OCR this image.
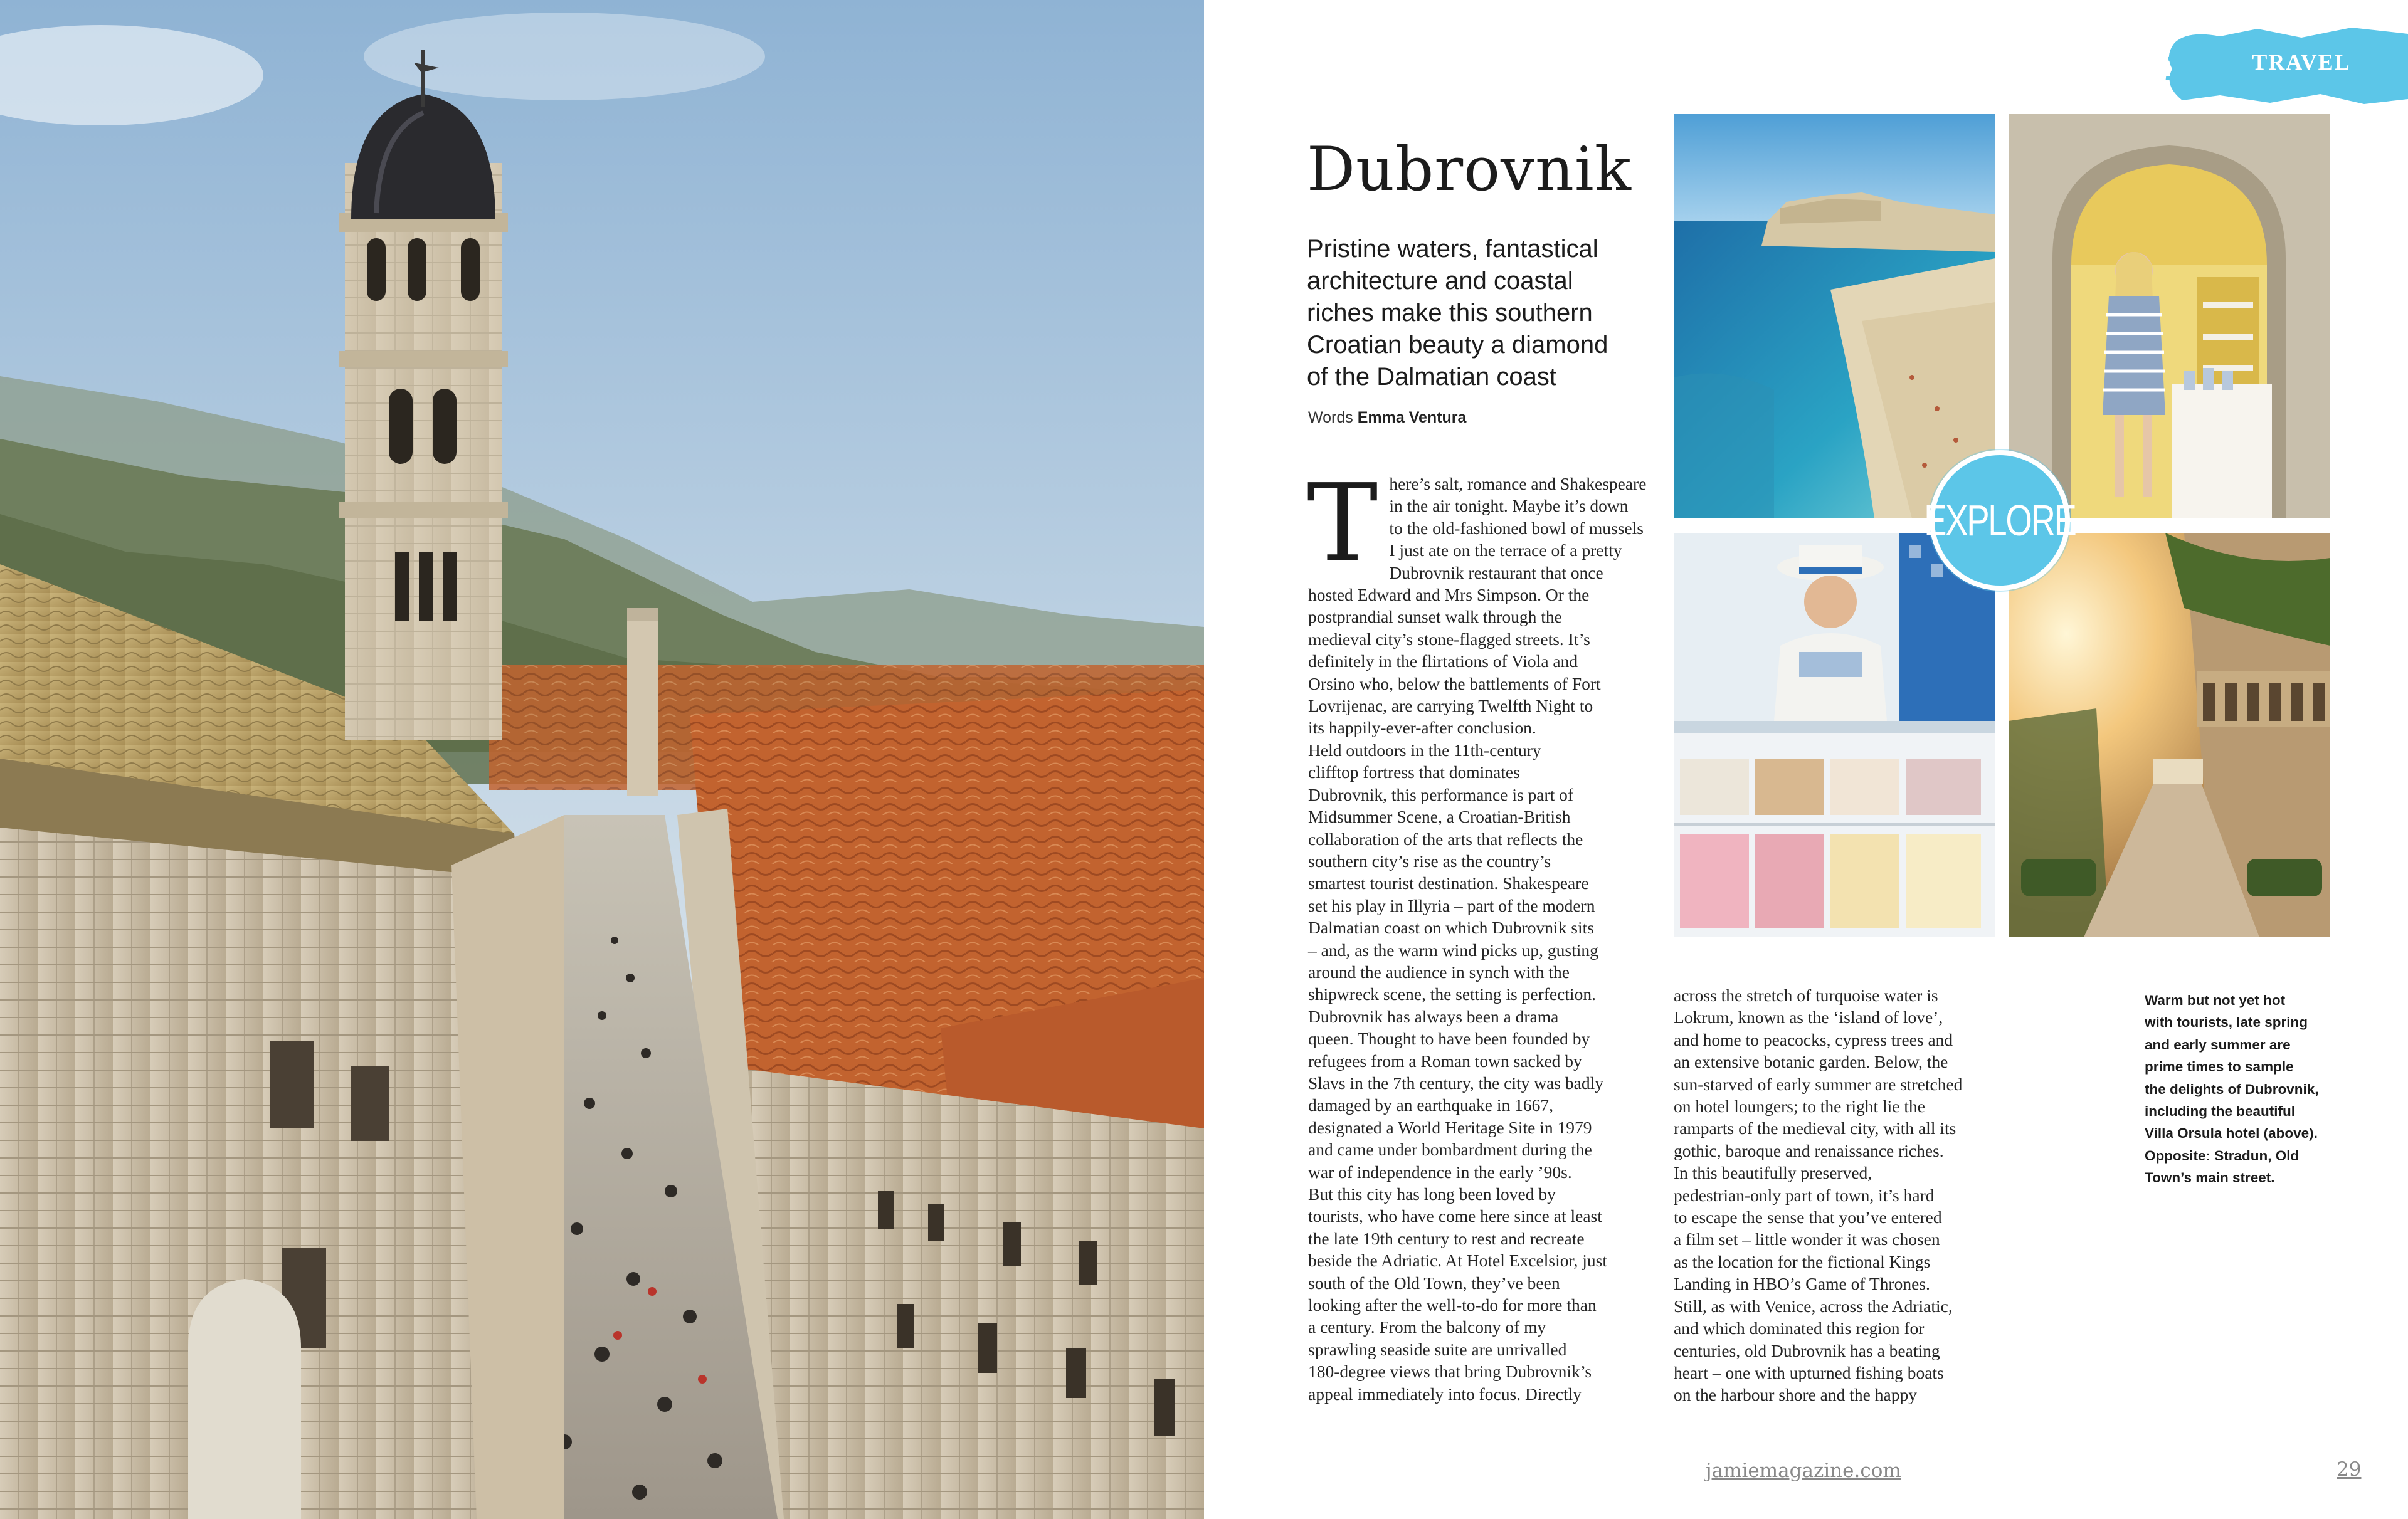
TRAVEL
Dubrovnik

Pristine waters, fantastical architecture and coastal riches make this southern Croatian beauty a diamond of the Dalmatian coast

Words Emma Ventura
There’s salt, romance and Shakespeare
in the air tonight. Maybe it’s down
to the old-fashioned bowl of mussels
I just ate on the terrace of a pretty
Dubrovnik restaurant that once
hosted Edward and Mrs Simpson. Or the
postprandial sunset walk through the
medieval city’s stone-flagged streets. It’s
definitely in the flirtations of Viola and
Orsino who, below the battlements of Fort
Lovrijenac, are carrying Twelfth Night to
its happily-ever-after conclusion.
Held outdoors in the 11th-century
clifftop fortress that dominates
Dubrovnik, this performance is part of
Midsummer Scene, a Croatian-British
collaboration of the arts that reflects the
southern city’s rise as the country’s
smartest tourist destination. Shakespeare
set his play in Illyria – part of the modern
Dalmatian coast on which Dubrovnik sits
– and, as the warm wind picks up, gusting
around the audience in synch with the
shipwreck scene, the setting is perfection.
Dubrovnik has always been a drama
queen. Thought to have been founded by
refugees from a Roman town sacked by
Slavs in the 7th century, the city was badly
damaged by an earthquake in 1667,
designated a World Heritage Site in 1979
and came under bombardment during the
war of independence in the early ’90s.
But this city has long been loved by
tourists, who have come here since at least
the late 19th century to rest and recreate
beside the Adriatic. At Hotel Excelsior, just
south of the Old Town, they’ve been
looking after the well-to-do for more than
a century. From the balcony of my
sprawling seaside suite are unrivalled
180-degree views that bring Dubrovnik’s
appeal immediately into focus. Directly
across the stretch of turquoise water is
Lokrum, known as the ‘island of love’,
and home to peacocks, cypress trees and
an extensive botanic garden. Below, the
sun-starved of early summer are stretched
on hotel loungers; to the right lie the
ramparts of the medieval city, with all its
gothic, baroque and renaissance riches.
In this beautifully preserved,
pedestrian-only part of town, it’s hard
to escape the sense that you’ve entered
a film set – little wonder it was chosen
as the location for the fictional Kings
Landing in HBO’s Game of Thrones.
Still, as with Venice, across the Adriatic,
and which dominated this region for
centuries, old Dubrovnik has a beating
heart – one with upturned fishing boats
on the harbour shore and the happy
Warm but not yet hot
with tourists, late spring
and early summer are
prime times to sample
the delights of Dubrovnik,
including the beautiful
Villa Orsula hotel (above).
Opposite: Stradun, Old
Town’s main street.
EXPLORE
jamiemagazine.com	29
